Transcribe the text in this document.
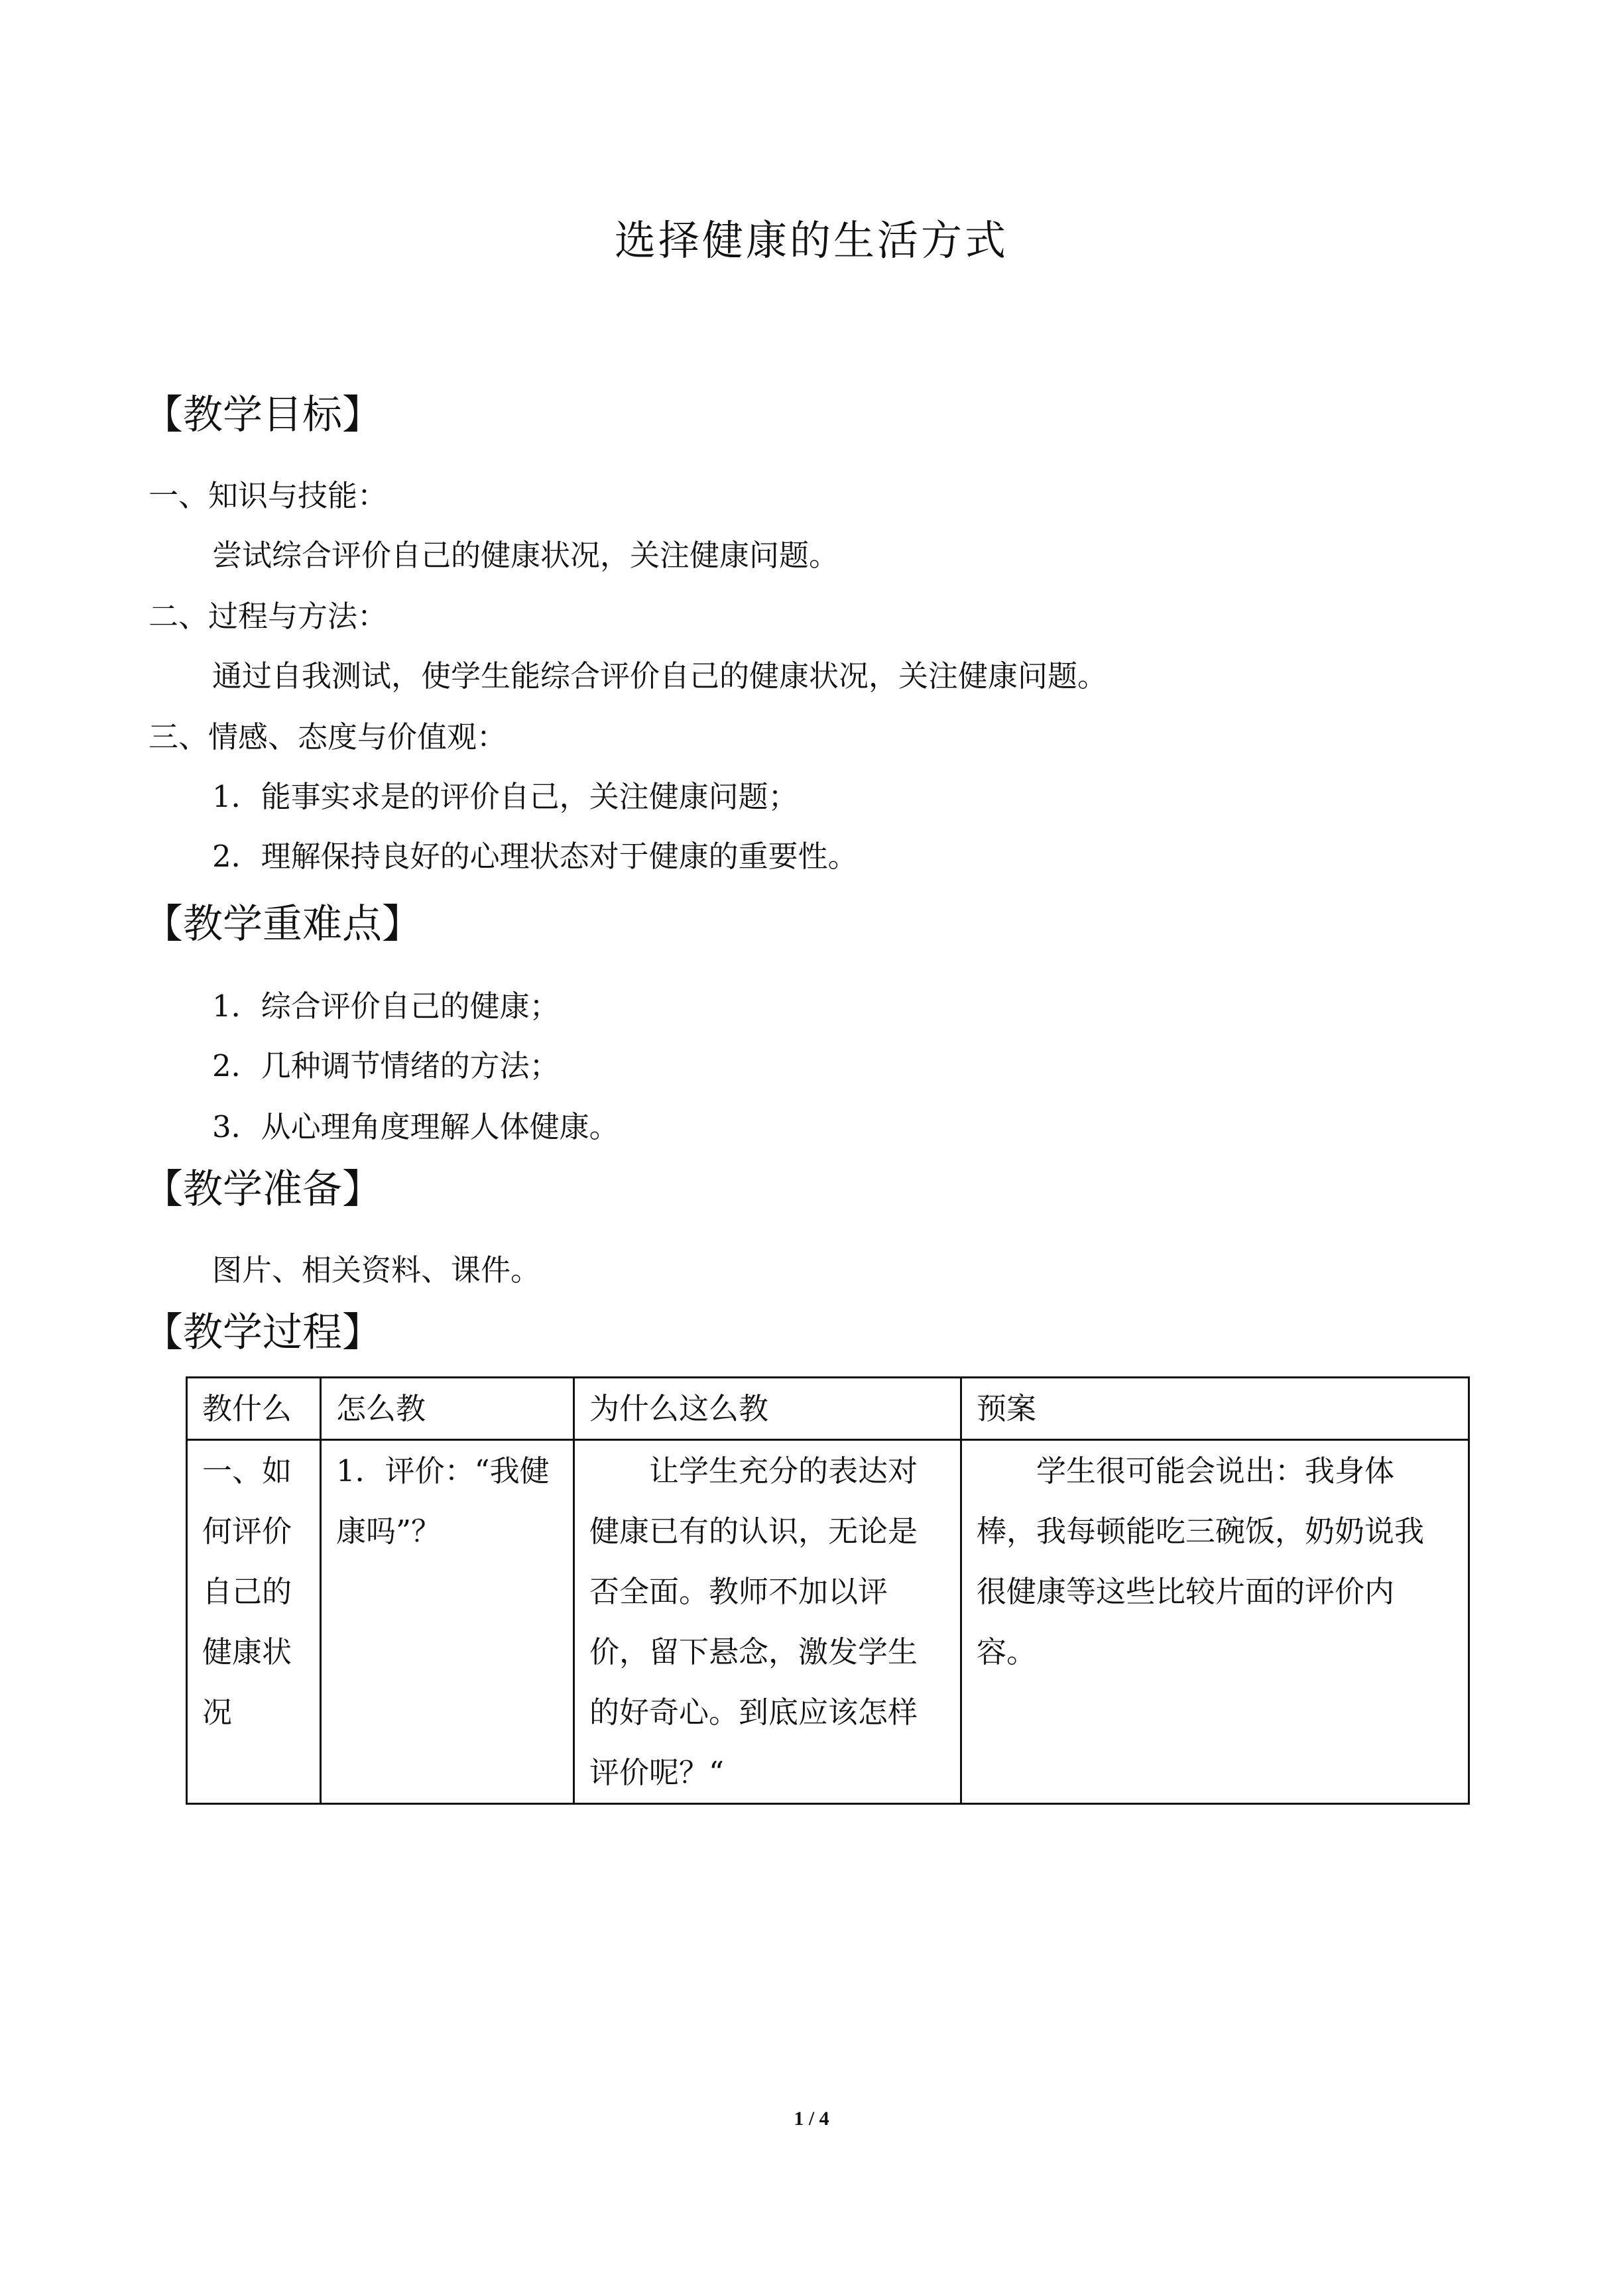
选择健康的生活方式
【教学目标】
一、知识与技能：
尝试综合评价自己的健康状况，关注健康问题。
二、过程与方法：
通过自我测试，使学生能综合评价自己的健康状况，关注健康问题。
三、情感、态度与价值观：
1．能事实求是的评价自己，关注健康问题；
2．理解保持良好的心理状态对于健康的重要性。
【教学重难点】
1．综合评价自己的健康；
2．几种调节情绪的方法；
3．从心理角度理解人体健康。
【教学准备】
图片、相关资料、课件。
【教学过程】
教什么	怎么教	为什么这么教	预案
一、如何评价自己的健康状况	1．评价：“我健康吗”？	让学生充分的表达对健康已有的认识，无论是否全面。教师不加以评价，留下悬念，激发学生的好奇心。到底应该怎样评价呢？“	学生很可能会说出：我身体棒，我每顿能吃三碗饭，奶奶说我很健康等这些比较片面的评价内容。
1 / 4
